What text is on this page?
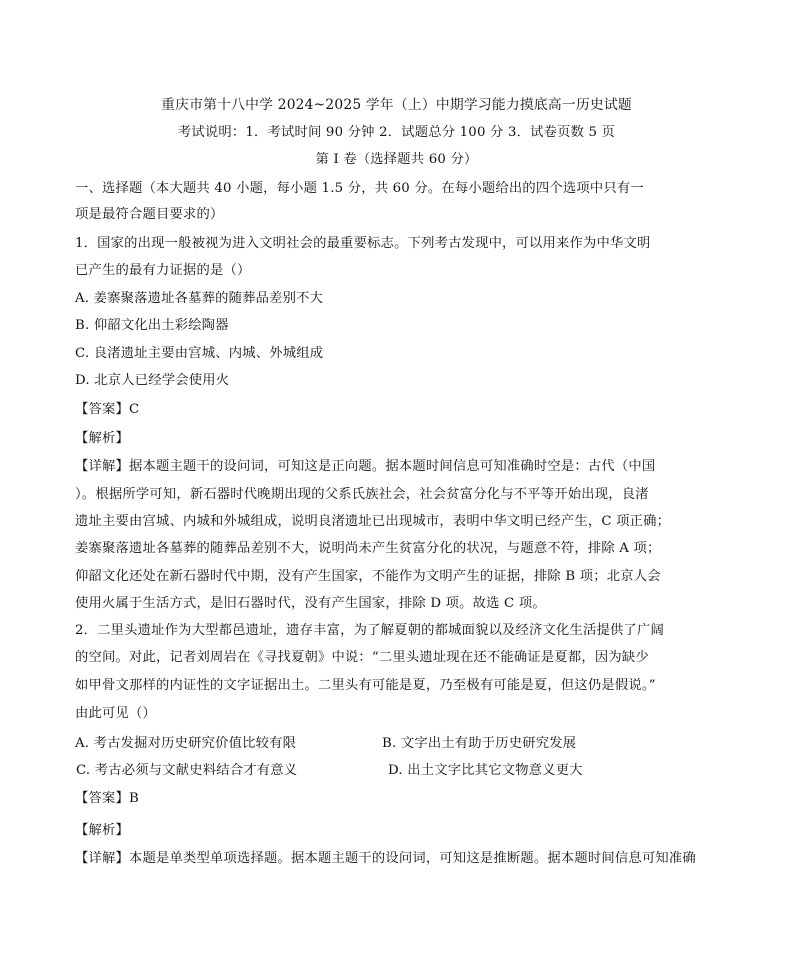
重庆市第十八中学 2024~2025 学年（上）中期学习能力摸底高一历史试题
考试说明：1．考试时间 90 分钟 2．试题总分 100 分 3．试卷页数 5 页
第 I 卷（选择题共 60 分）
一、选择题（本大题共 40 小题，每小题 1.5 分，共 60 分。在每小题给出的四个选项中只有一
项是最符合题目要求的）
1．国家的出现一般被视为进入文明社会的最重要标志。下列考古发现中，可以用来作为中华文明
已产生的最有力证据的是（）
A. 姜寨聚落遗址各墓葬的随葬品差别不大
B. 仰韶文化出土彩绘陶器
C. 良渚遗址主要由宫城、内城、外城组成
D. 北京人已经学会使用火
【答案】C
【解析】
【详解】据本题主题干的设问词，可知这是正向题。据本题时间信息可知准确时空是：古代（中国
）。根据所学可知，新石器时代晚期出现的父系氏族社会，社会贫富分化与不平等开始出现，良渚
遗址主要由宫城、内城和外城组成，说明良渚遗址已出现城市，表明中华文明已经产生，C 项正确；
姜寨聚落遗址各墓葬的随葬品差别不大，说明尚未产生贫富分化的状况，与题意不符，排除 A 项；
仰韶文化还处在新石器时代中期，没有产生国家，不能作为文明产生的证据，排除 B 项；北京人会
使用火属于生活方式，是旧石器时代，没有产生国家，排除 D 项。故选 C 项。
2．二里头遗址作为大型都邑遗址，遗存丰富，为了解夏朝的都城面貌以及经济文化生活提供了广阔
的空间。对此，记者刘周岩在《寻找夏朝》中说：“二里头遗址现在还不能确证是夏都，因为缺少
如甲骨文那样的内证性的文字证据出土。二里头有可能是夏，乃至极有可能是夏，但这仍是假说。”
由此可见（）
A. 考古发掘对历史研究价值比较有限	B. 文字出土有助于历史研究发展
C. 考古必须与文献史料结合才有意义	D. 出土文字比其它文物意义更大
【答案】B
【解析】
【详解】本题是单类型单项选择题。据本题主题干的设问词，可知这是推断题。据本题时间信息可知准确
